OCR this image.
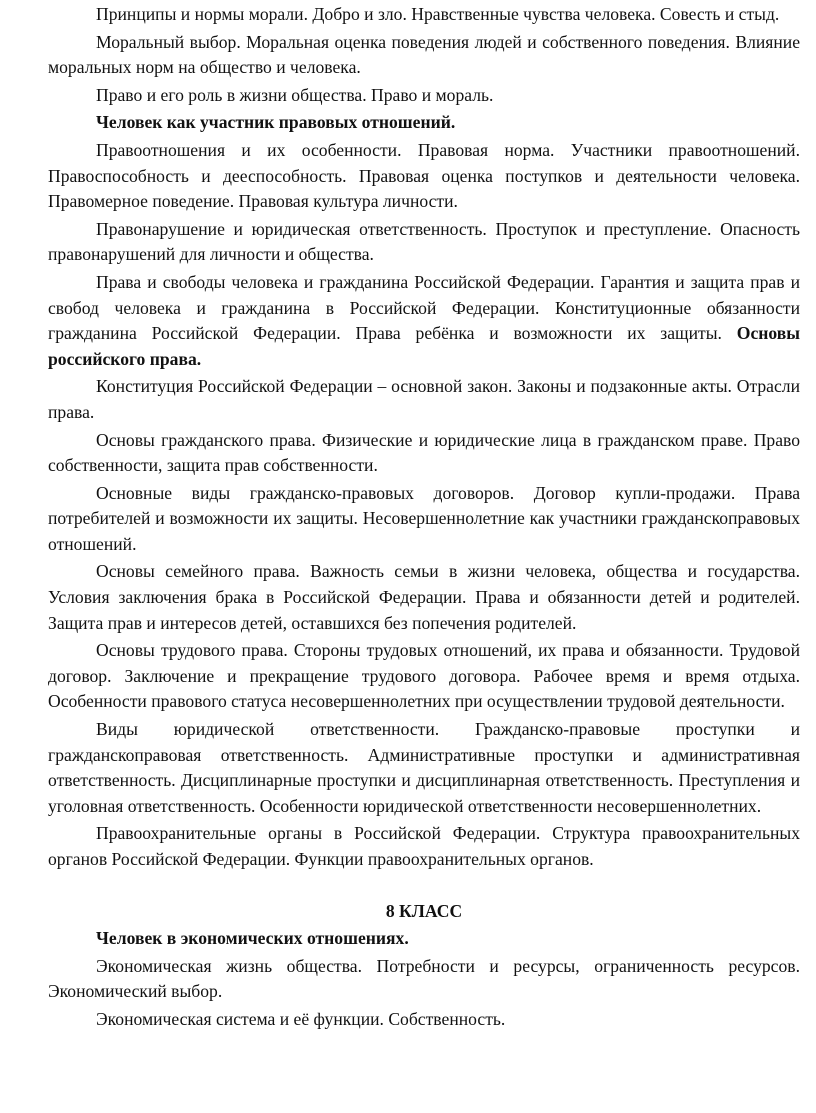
Принципы и нормы морали. Добро и зло. Нравственные чувства человека. Совесть и стыд.

Моральный выбор. Моральная оценка поведения людей и собственного поведения. Влияние моральных норм на общество и человека.

Право и его роль в жизни общества. Право и мораль.

Человек как участник правовых отношений.

Правоотношения и их особенности. Правовая норма. Участники правоотношений. Правоспособность и дееспособность. Правовая оценка поступков и деятельности человека. Правомерное поведение. Правовая культура личности.

Правонарушение и юридическая ответственность. Проступок и преступление. Опасность правонарушений для личности и общества.

Права и свободы человека и гражданина Российской Федерации. Гарантия и защита прав и свобод человека и гражданина в Российской Федерации. Конституционные обязанности гражданина Российской Федерации. Права ребёнка и возможности их защиты. Основы российского права.

Конституция Российской Федерации – основной закон. Законы и подзаконные акты. Отрасли права.

Основы гражданского права. Физические и юридические лица в гражданском праве. Право собственности, защита прав собственности.

Основные виды гражданско-правовых договоров. Договор купли-продажи. Права потребителей и возможности их защиты. Несовершеннолетние как участники гражданскоправовых отношений.

Основы семейного права. Важность семьи в жизни человека, общества и государства. Условия заключения брака в Российской Федерации. Права и обязанности детей и родителей. Защита прав и интересов детей, оставшихся без попечения родителей.

Основы трудового права. Стороны трудовых отношений, их права и обязанности. Трудовой договор. Заключение и прекращение трудового договора. Рабочее время и время отдыха. Особенности правового статуса несовершеннолетних при осуществлении трудовой деятельности.

Виды юридической ответственности. Гражданско-правовые проступки и гражданскоправовая ответственность. Административные проступки и административная ответственность. Дисциплинарные проступки и дисциплинарная ответственность. Преступления и уголовная ответственность. Особенности юридической ответственности несовершеннолетних.

Правоохранительные органы в Российской Федерации. Структура правоохранительных органов Российской Федерации. Функции правоохранительных органов.

8 КЛАСС

Человек в экономических отношениях.

Экономическая жизнь общества. Потребности и ресурсы, ограниченность ресурсов. Экономический выбор.

Экономическая система и её функции. Собственность.
